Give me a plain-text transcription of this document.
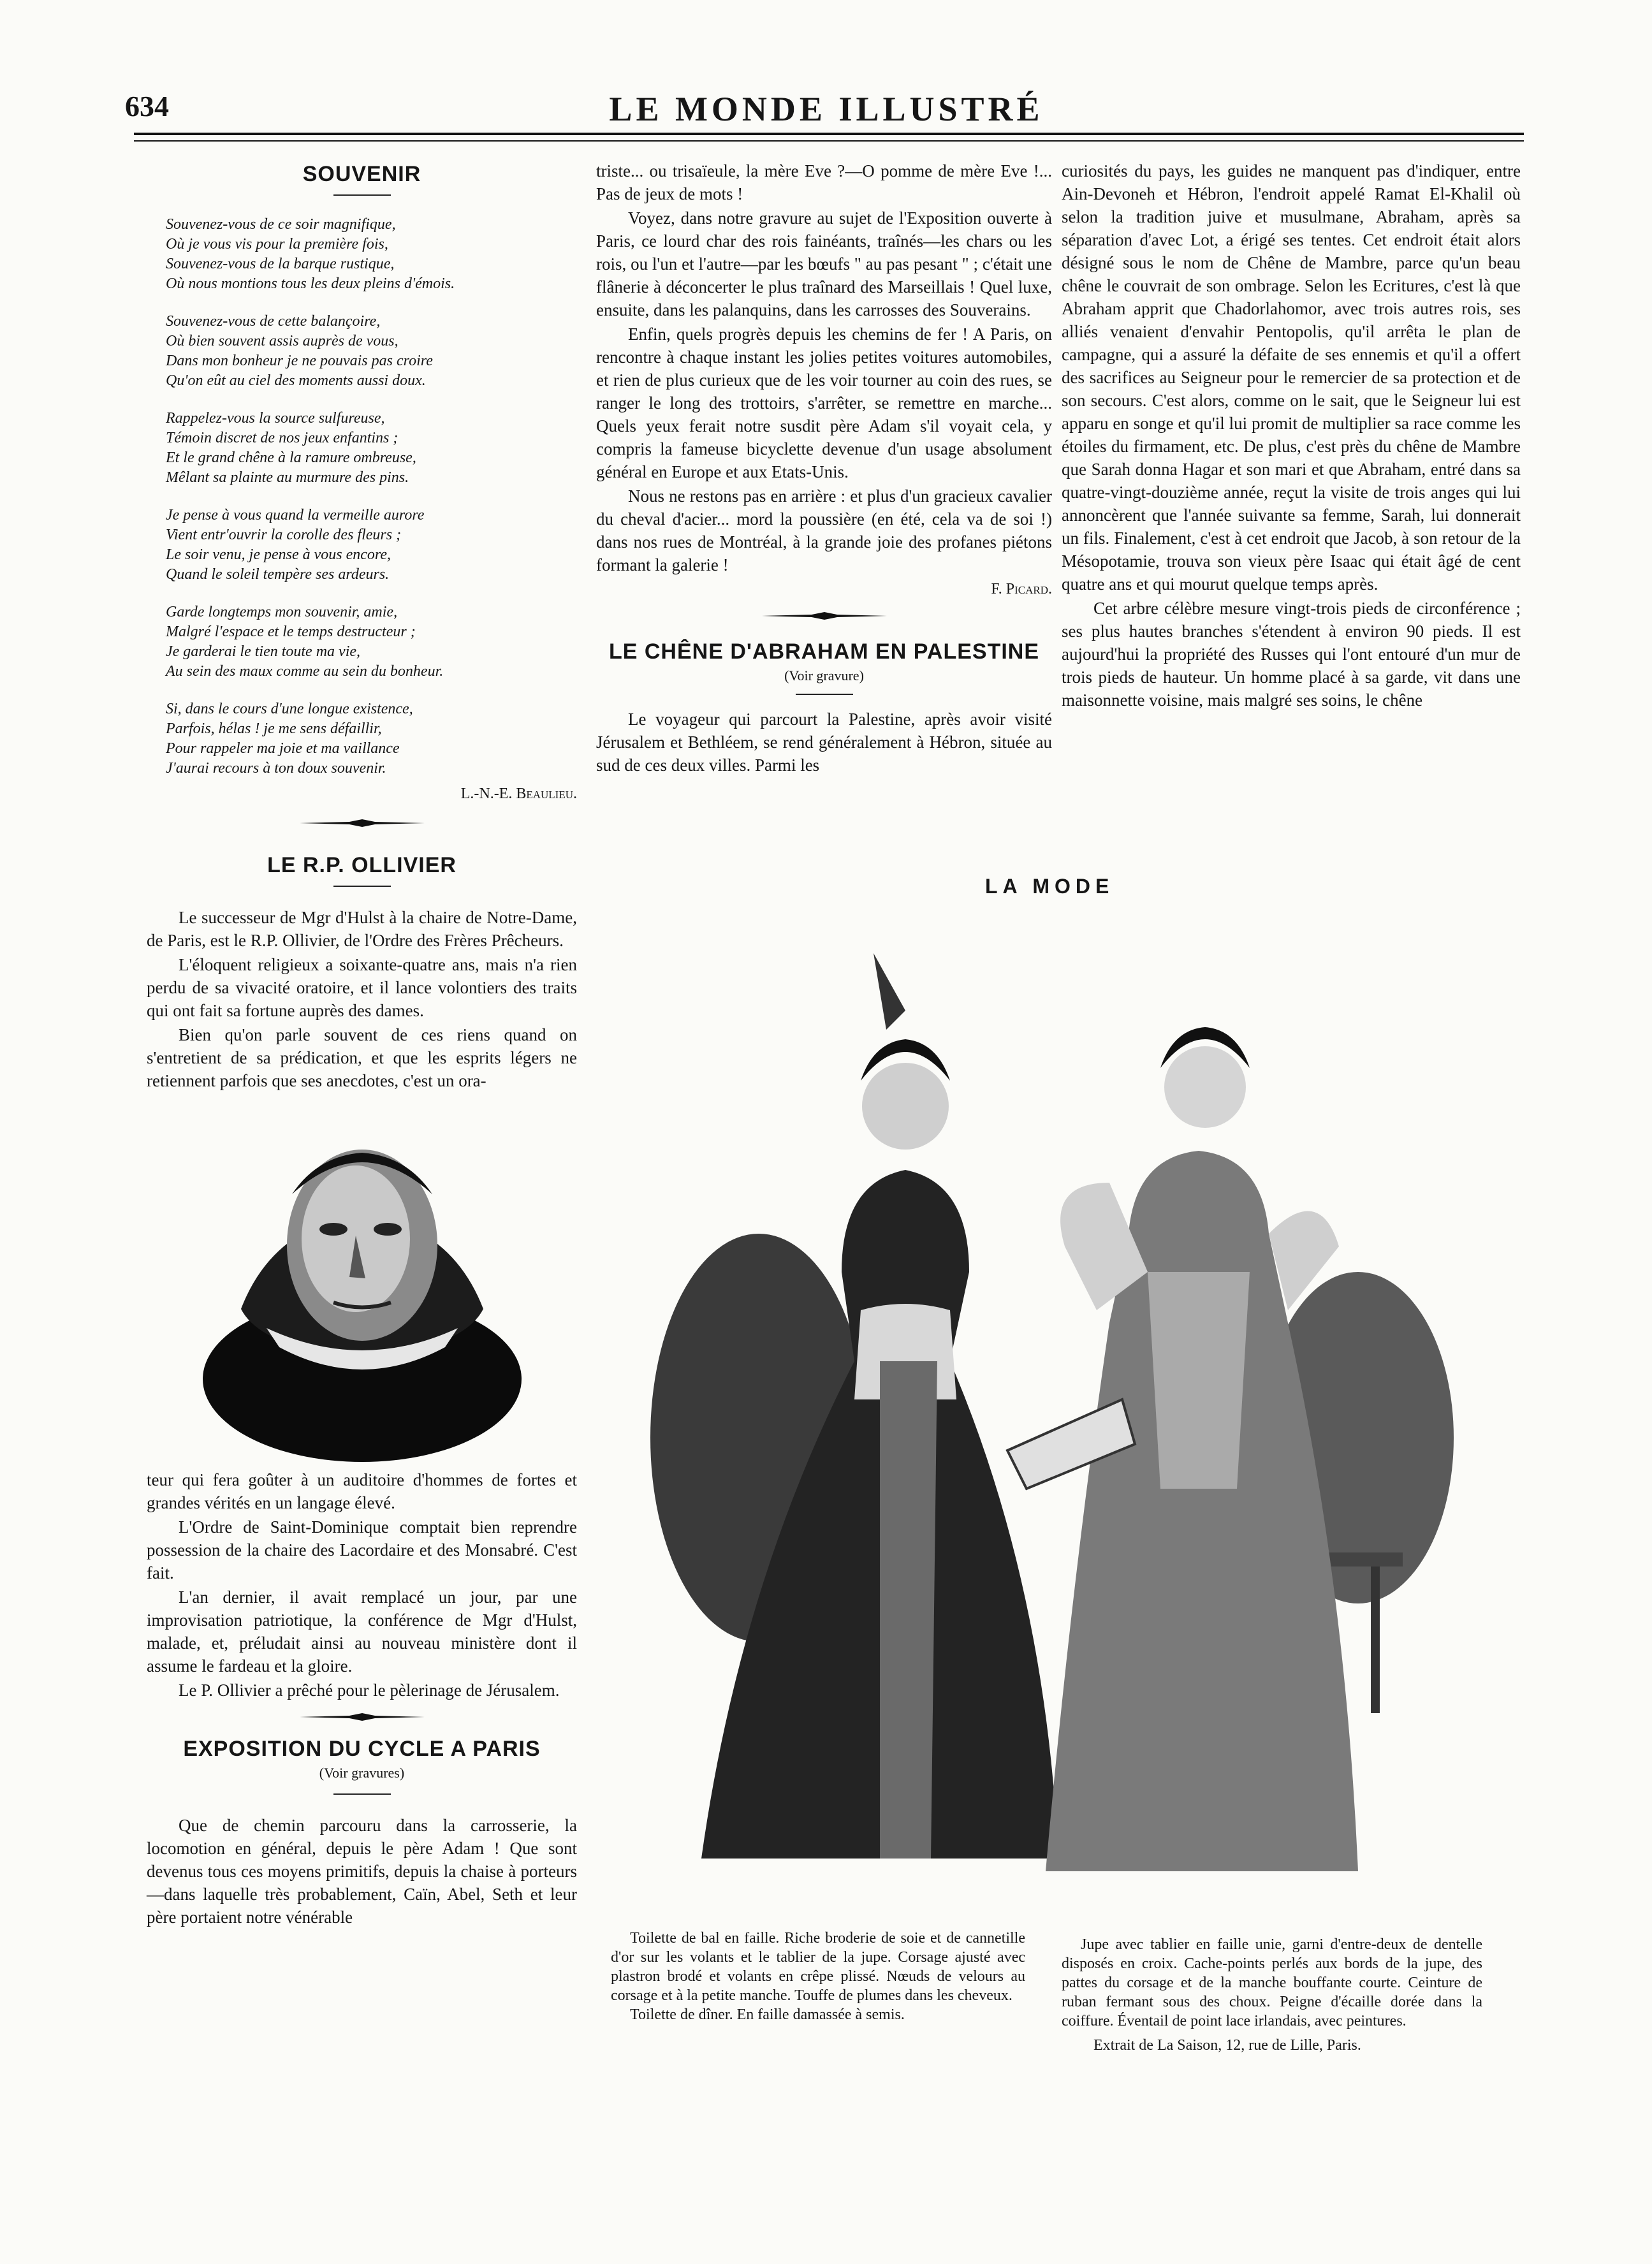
634	LE MONDE ILLUSTRÉ
SOUVENIR
Souvenez-vous de ce soir magnifique,
Où je vous vis pour la première fois,
Souvenez-vous de la barque rustique,
Où nous montions tous les deux pleins d'émois.
Souvenez-vous de cette balançoire,
Où bien souvent assis auprès de vous,
Dans mon bonheur je ne pouvais pas croire
Qu'on eût au ciel des moments aussi doux.
Rappelez-vous la source sulfureuse,
Témoin discret de nos jeux enfantins ;
Et le grand chêne à la ramure ombreuse,
Mêlant sa plainte au murmure des pins.
Je pense à vous quand la vermeille aurore
Vient entr'ouvrir la corolle des fleurs ;
Le soir venu, je pense à vous encore,
Quand le soleil tempère ses ardeurs.
Garde longtemps mon souvenir, amie,
Malgré l'espace et le temps destructeur ;
Je garderai le tien toute ma vie,
Au sein des maux comme au sein du bonheur.
Si, dans le cours d'une longue existence,
Parfois, hélas ! je me sens défaillir,
Pour rappeler ma joie et ma vaillance
J'aurai recours à ton doux souvenir.
L.-N.-E. Beaulieu.
LE R.P. OLLIVIER

Le successeur de Mgr d'Hulst à la chaire de Notre-Dame, de Paris, est le R.P. Ollivier, de l'Ordre des Frères Prêcheurs.

L'éloquent religieux a soixante-quatre ans, mais n'a rien perdu de sa vivacité oratoire, et il lance volontiers des traits qui ont fait sa fortune auprès des dames.

Bien qu'on parle souvent de ces riens quand on s'entretient de sa prédication, et que les esprits légers ne retiennent parfois que ses anecdotes, c'est un ora-

teur qui fera goûter à un auditoire d'hommes de fortes et grandes vérités en un langage élevé.

L'Ordre de Saint-Dominique comptait bien reprendre possession de la chaire des Lacordaire et des Monsabré. C'est fait.

L'an dernier, il avait remplacé un jour, par une improvisation patriotique, la conférence de Mgr d'Hulst, malade, et, préludait ainsi au nouveau ministère dont il assume le fardeau et la gloire.

Le P. Ollivier a prêché pour le pèlerinage de Jérusalem.

EXPOSITION DU CYCLE A PARIS
(Voir gravures)

Que de chemin parcouru dans la carrosserie, la locomotion en général, depuis le père Adam ! Que sont devenus tous ces moyens primitifs, depuis la chaise à porteurs—dans laquelle très probablement, Caïn, Abel, Seth et leur père portaient notre vénérable

triste... ou trisaïeule, la mère Eve ?—O pomme de mère Eve !... Pas de jeux de mots !

Voyez, dans notre gravure au sujet de l'Exposition ouverte à Paris, ce lourd char des rois fainéants, traînés—les chars ou les rois, ou l'un et l'autre—par les bœufs " au pas pesant " ; c'était une flânerie à déconcerter le plus traînard des Marseillais ! Quel luxe, ensuite, dans les palanquins, dans les carrosses des Souverains.

Enfin, quels progrès depuis les chemins de fer ! A Paris, on rencontre à chaque instant les jolies petites voitures automobiles, et rien de plus curieux que de les voir tourner au coin des rues, se ranger le long des trottoirs, s'arrêter, se remettre en marche... Quels yeux ferait notre susdit père Adam s'il voyait cela, y compris la fameuse bicyclette devenue d'un usage absolument général en Europe et aux Etats-Unis.

Nous ne restons pas en arrière : et plus d'un gracieux cavalier du cheval d'acier... mord la poussière (en été, cela va de soi !) dans nos rues de Montréal, à la grande joie des profanes piétons formant la galerie !

F. Picard.
LE CHÊNE D'ABRAHAM EN PALESTINE
(Voir gravure)

Le voyageur qui parcourt la Palestine, après avoir visité Jérusalem et Bethléem, se rend généralement à Hébron, située au sud de ces deux villes. Parmi les

curiosités du pays, les guides ne manquent pas d'indiquer, entre Ain-Devoneh et Hébron, l'endroit appelé Ramat El-Khalil où selon la tradition juive et musulmane, Abraham, après sa séparation d'avec Lot, a érigé ses tentes. Cet endroit était alors désigné sous le nom de Chêne de Mambre, parce qu'un beau chêne le couvrait de son ombrage. Selon les Ecritures, c'est là que Abraham apprit que Chadorlahomor, avec trois autres rois, ses alliés venaient d'envahir Pentopolis, qu'il arrêta le plan de campagne, qui a assuré la défaite de ses ennemis et qu'il a offert des sacrifices au Seigneur pour le remercier de sa protection et de son secours. C'est alors, comme on le sait, que le Seigneur lui est apparu en songe et qu'il lui promit de multiplier sa race comme les étoiles du firmament, etc. De plus, c'est près du chêne de Mambre que Sarah donna Hagar et son mari et que Abraham, entré dans sa quatre-vingt-douzième année, reçut la visite de trois anges qui lui annoncèrent que l'année suivante sa femme, Sarah, lui donnerait un fils. Finalement, c'est à cet endroit que Jacob, à son retour de la Mésopotamie, trouva son vieux père Isaac qui était âgé de cent quatre ans et qui mourut quelque temps après.

Cet arbre célèbre mesure vingt-trois pieds de circonférence ; ses plus hautes branches s'étendent à environ 90 pieds. Il est aujourd'hui la propriété des Russes qui l'ont entouré d'un mur de trois pieds de hauteur. Un homme placé à sa garde, vit dans une maisonnette voisine, mais malgré ses soins, le chêne

LA MODE

Toilette de bal en faille. Riche broderie de soie et de cannetille d'or sur les volants et le tablier de la jupe. Corsage ajusté avec plastron brodé et volants en crêpe plissé. Nœuds de velours au corsage et à la petite manche. Touffe de plumes dans les cheveux.

Toilette de dîner. En faille damassée à semis.

Jupe avec tablier en faille unie, garni d'entre-deux de dentelle disposés en croix. Cache-points perlés aux bords de la jupe, des pattes du corsage et de la manche bouffante courte. Ceinture de ruban fermant sous des choux. Peigne d'écaille dorée dans la coiffure. Éventail de point lace irlandais, avec peintures.

Extrait de La Saison, 12, rue de Lille, Paris.
